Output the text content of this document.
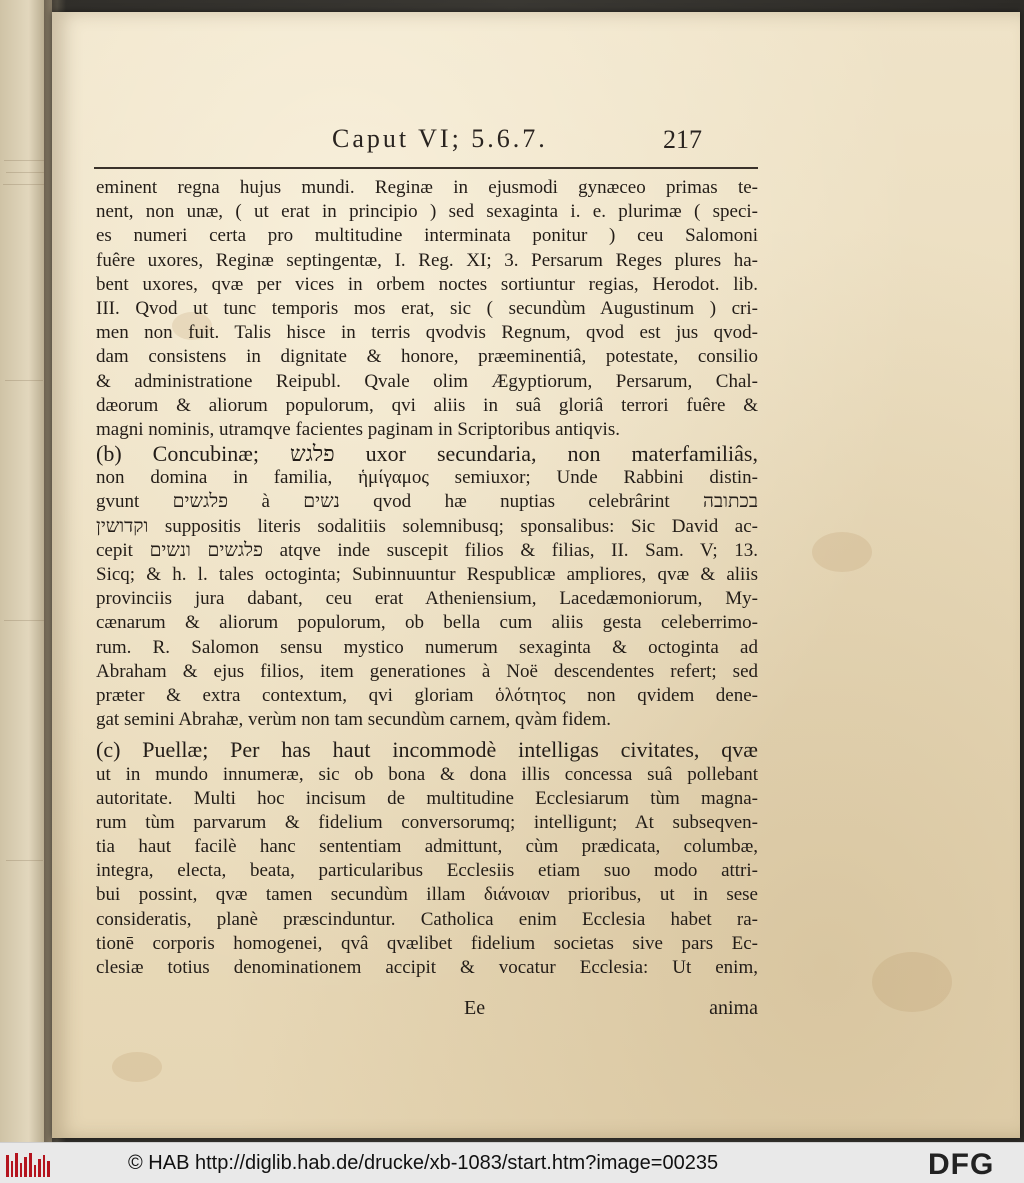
Caput VI; 5.6.7.	217
eminent regna hujus mundi. Reginæ in ejusmodi gynæceo primas te-
nent, non unæ, ( ut erat in principio ) sed sexaginta i. e. plurimæ ( speci-
es numeri certa pro multitudine interminata ponitur ) ceu Salomoni
fuêre uxores, Reginæ septingentæ, I. Reg. XI; 3. Persarum Reges plures ha-
bent uxores, qvæ per vices in orbem noctes sortiuntur regias, Herodot. lib.
III. Qvod ut tunc temporis mos erat, sic ( secundùm Augustinum ) cri-
men non fuit. Talis hisce in terris qvodvis Regnum, qvod est jus qvod-
dam consistens in dignitate & honore, præeminentiâ, potestate, consilio
& administratione Reipubl. Qvale olim Ægyptiorum, Persarum, Chal-
dæorum & aliorum populorum, qvi aliis in suâ gloriâ terrori fuêre &
magni nominis, utramqve facientes paginam in Scriptoribus antiqvis.
(b) Concubinæ; פלגש uxor secundaria, non materfamiliâs,
non domina in familia, ἡμίγαμος semiuxor; Unde Rabbini distin-
gvunt פלגשים à נשים qvod hæ nuptias celebrârint בכתובה
וקדושין suppositis literis sodalitiis solemnibusq; sponsalibus: Sic David ac-
cepit פלגשים ונשים atqve inde suscepit filios & filias, II. Sam. V; 13.
Sicq; & h. l. tales octoginta; Subinnuuntur Respublicæ ampliores, qvæ & aliis
provinciis jura dabant, ceu erat Atheniensium, Lacedæmoniorum, My-
cænarum & aliorum populorum, ob bella cum aliis gesta celeberrimo-
rum. R. Salomon sensu mystico numerum sexaginta & octoginta ad
Abraham & ejus filios, item generationes à Noë descendentes refert; sed
præter & extra contextum, qvi gloriam ὁλότητος non qvidem dene-
gat semini Abrahæ, verùm non tam secundùm carnem, qvàm fidem.
(c) Puellæ; Per has haut incommodè intelligas civitates, qvæ
ut in mundo innumeræ, sic ob bona & dona illis concessa suâ pollebant
autoritate. Multi hoc incisum de multitudine Ecclesiarum tùm magna-
rum tùm parvarum & fidelium conversorumq; intelligunt; At subseqven-
tia haut facilè hanc sententiam admittunt, cùm prædicata, columbæ,
integra, electa, beata, particularibus Ecclesiis etiam suo modo attri-
bui possint, qvæ tamen secundùm illam διάνοιαν prioribus, ut in sese
consideratis, planè præscinduntur. Catholica enim Ecclesia habet ra-
tionē corporis homogenei, qvâ qvælibet fidelium societas sive pars Ec-
clesiæ totius denominationem accipit & vocatur Ecclesia: Ut enim,
Ee	anima
© HAB http://diglib.hab.de/drucke/xb-1083/start.htm?image=00235	DFG
